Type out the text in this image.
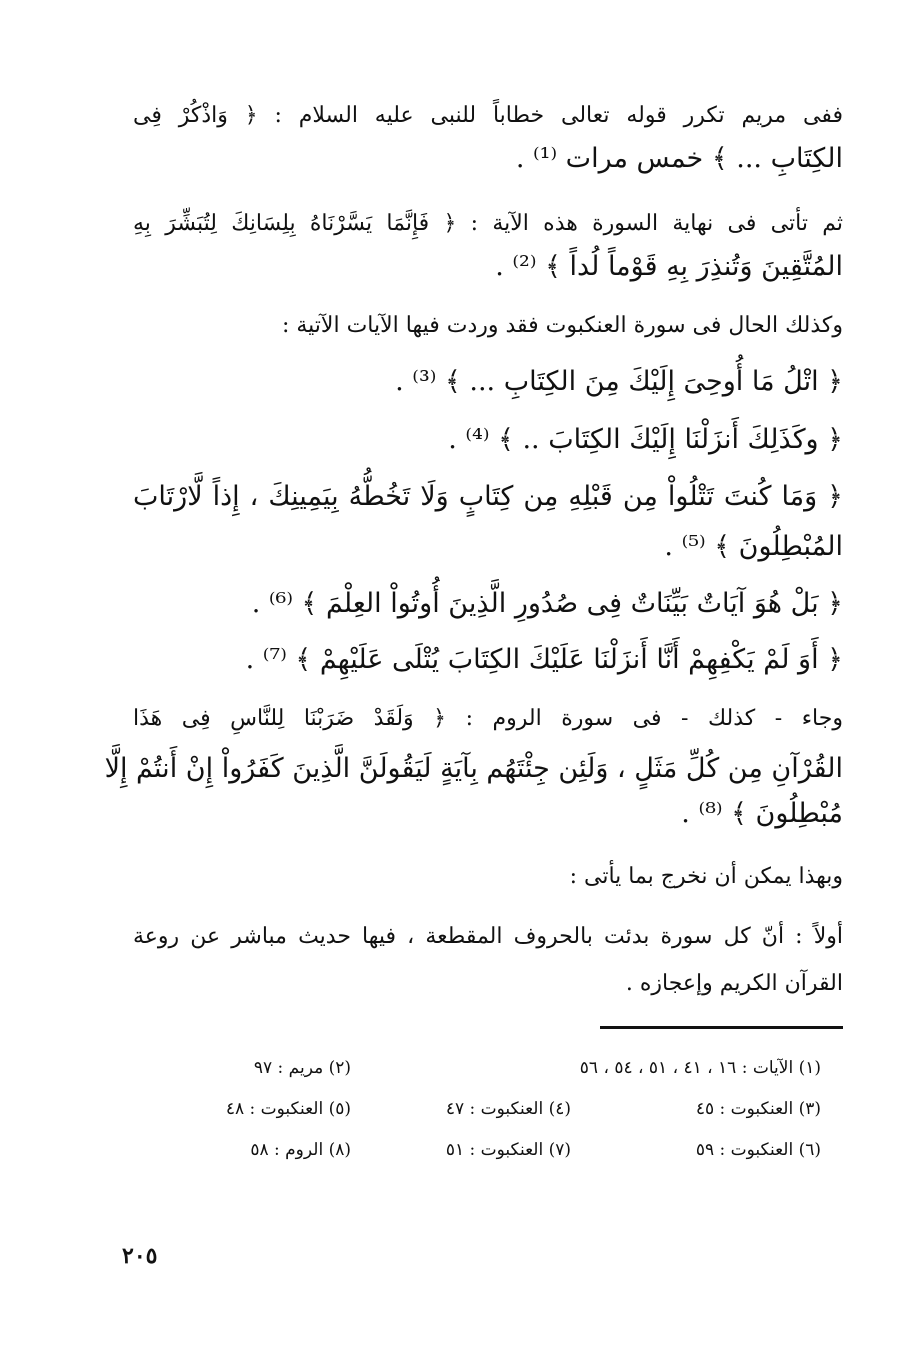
ففى مريم تكرر قوله تعالى خطاباً للنبى عليه السلام : ﴿ وَاذْكُرْ فِى
الكِتَابِ ... ﴾ خمس مرات ⁽¹⁾ .
ثم تأتى فى نهاية السورة هذه الآية : ﴿ فَإِنَّمَا يَسَّرْنَاهُ بِلِسَانِكَ لِتُبَشِّرَ بِهِ
المُتَّقِينَ وَتُنذِرَ بِهِ قَوْماً لُداً ﴾ ⁽²⁾ .
وكذلك الحال فى سورة العنكبوت فقد وردت فيها الآيات الآتية :
﴿ اتْلُ مَا أُوحِىَ إِلَيْكَ مِنَ الكِتَابِ ... ﴾ ⁽³⁾ .
﴿ وكَذَلِكَ أَنزَلْنَا إِلَيْكَ الكِتَابَ .. ﴾ ⁽⁴⁾ .
﴿ وَمَا كُنتَ تَتْلُواْ مِن قَبْلِهِ مِن كِتَابٍ وَلَا تَخُطُّهُ بِيَمِينِكَ ، إِذاً لَّارْتَابَ
المُبْطِلُونَ ﴾ ⁽⁵⁾ .
﴿ بَلْ هُوَ آيَاتٌ بَيِّنَاتٌ فِى صُدُورِ الَّذِينَ أُوتُواْ العِلْمَ ﴾ ⁽⁶⁾ .
﴿ أَوَ لَمْ يَكْفِهِمْ أَنَّا أَنزَلْنَا عَلَيْكَ الكِتَابَ يُتْلَى عَلَيْهِمْ ﴾ ⁽⁷⁾ .
وجاء - كذلك - فى سورة الروم : ﴿ وَلَقَدْ ضَرَبْنَا لِلنَّاسِ فِى هَذَا
القُرْآنِ مِن كُلِّ مَثَلٍ ، وَلَئِن جِئْتَهُم بِآيَةٍ لَيَقُولَنَّ الَّذِينَ كَفَرُواْ إِنْ أَنتُمْ إِلَّا
مُبْطِلُونَ ﴾ ⁽⁸⁾ .
وبهذا يمكن أن نخرج بما يأتى :
أولاً : أنّ كل سورة بدئت بالحروف المقطعة ، فيها حديث مباشر عن روعة
القرآن الكريم وإعجازه .
(١) الآيات : ١٦ ، ٤١ ، ٥١ ، ٥٤ ، ٥٦
(٢) مريم : ٩٧
(٣) العنكبوت : ٤٥
(٤) العنكبوت : ٤٧
(٥) العنكبوت : ٤٨
(٦) العنكبوت : ٥٩
(٧) العنكبوت : ٥١
(٨) الروم : ٥٨
٢٠٥
